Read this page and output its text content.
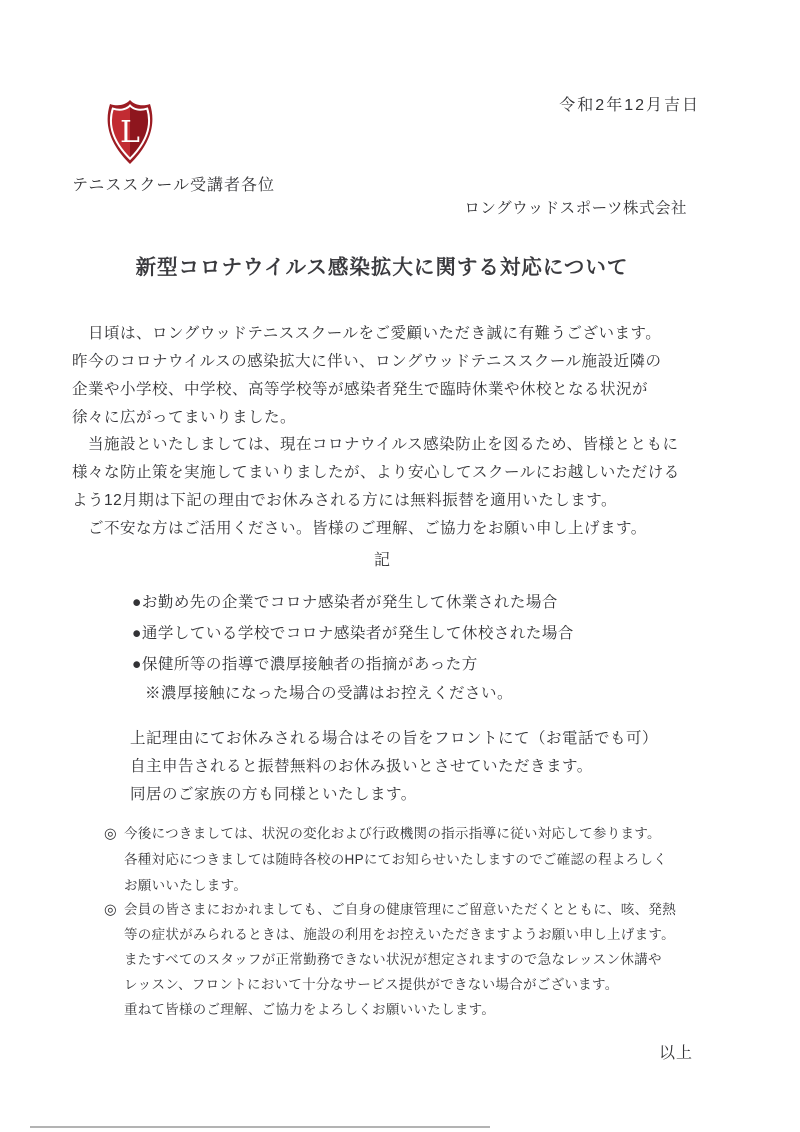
令和2年12月吉日
L
テニススクール受講者各位
ロングウッドスポーツ株式会社
新型コロナウイルス感染拡大に関する対応について
　日頃は、ロングウッドテニススクールをご愛顧いただき誠に有難うございます。
昨今のコロナウイルスの感染拡大に伴い、ロングウッドテニススクール施設近隣の
企業や小学校、中学校、高等学校等が感染者発生で臨時休業や休校となる状況が
徐々に広がってまいりました。
　当施設といたしましては、現在コロナウイルス感染防止を図るため、皆様とともに
様々な防止策を実施してまいりましたが、より安心してスクールにお越しいただける
よう12月期は下記の理由でお休みされる方には無料振替を適用いたします。
　ご不安な方はご活用ください。皆様のご理解、ご協力をお願い申し上げます。
記
●お勤め先の企業でコロナ感染者が発生して休業された場合
●通学している学校でコロナ感染者が発生して休校された場合
●保健所等の指導で濃厚接触者の指摘があった方
※濃厚接触になった場合の受講はお控えください。
上記理由にてお休みされる場合はその旨をフロントにて（お電話でも可）
自主申告されると振替無料のお休み扱いとさせていただきます。
同居のご家族の方も同様といたします。
◎ 今後につきましては、状況の変化および行政機関の指示指導に従い対応して参ります。
各種対応につきましては随時各校のHPにてお知らせいたしますのでご確認の程よろしく
お願いいたします。
◎ 会員の皆さまにおかれましても、ご自身の健康管理にご留意いただくとともに、咳、発熱
等の症状がみられるときは、施設の利用をお控えいただきますようお願い申し上げます。
またすべてのスタッフが正常勤務できない状況が想定されますので急なレッスン休講や
レッスン、フロントにおいて十分なサービス提供ができない場合がございます。
重ねて皆様のご理解、ご協力をよろしくお願いいたします。
以上
